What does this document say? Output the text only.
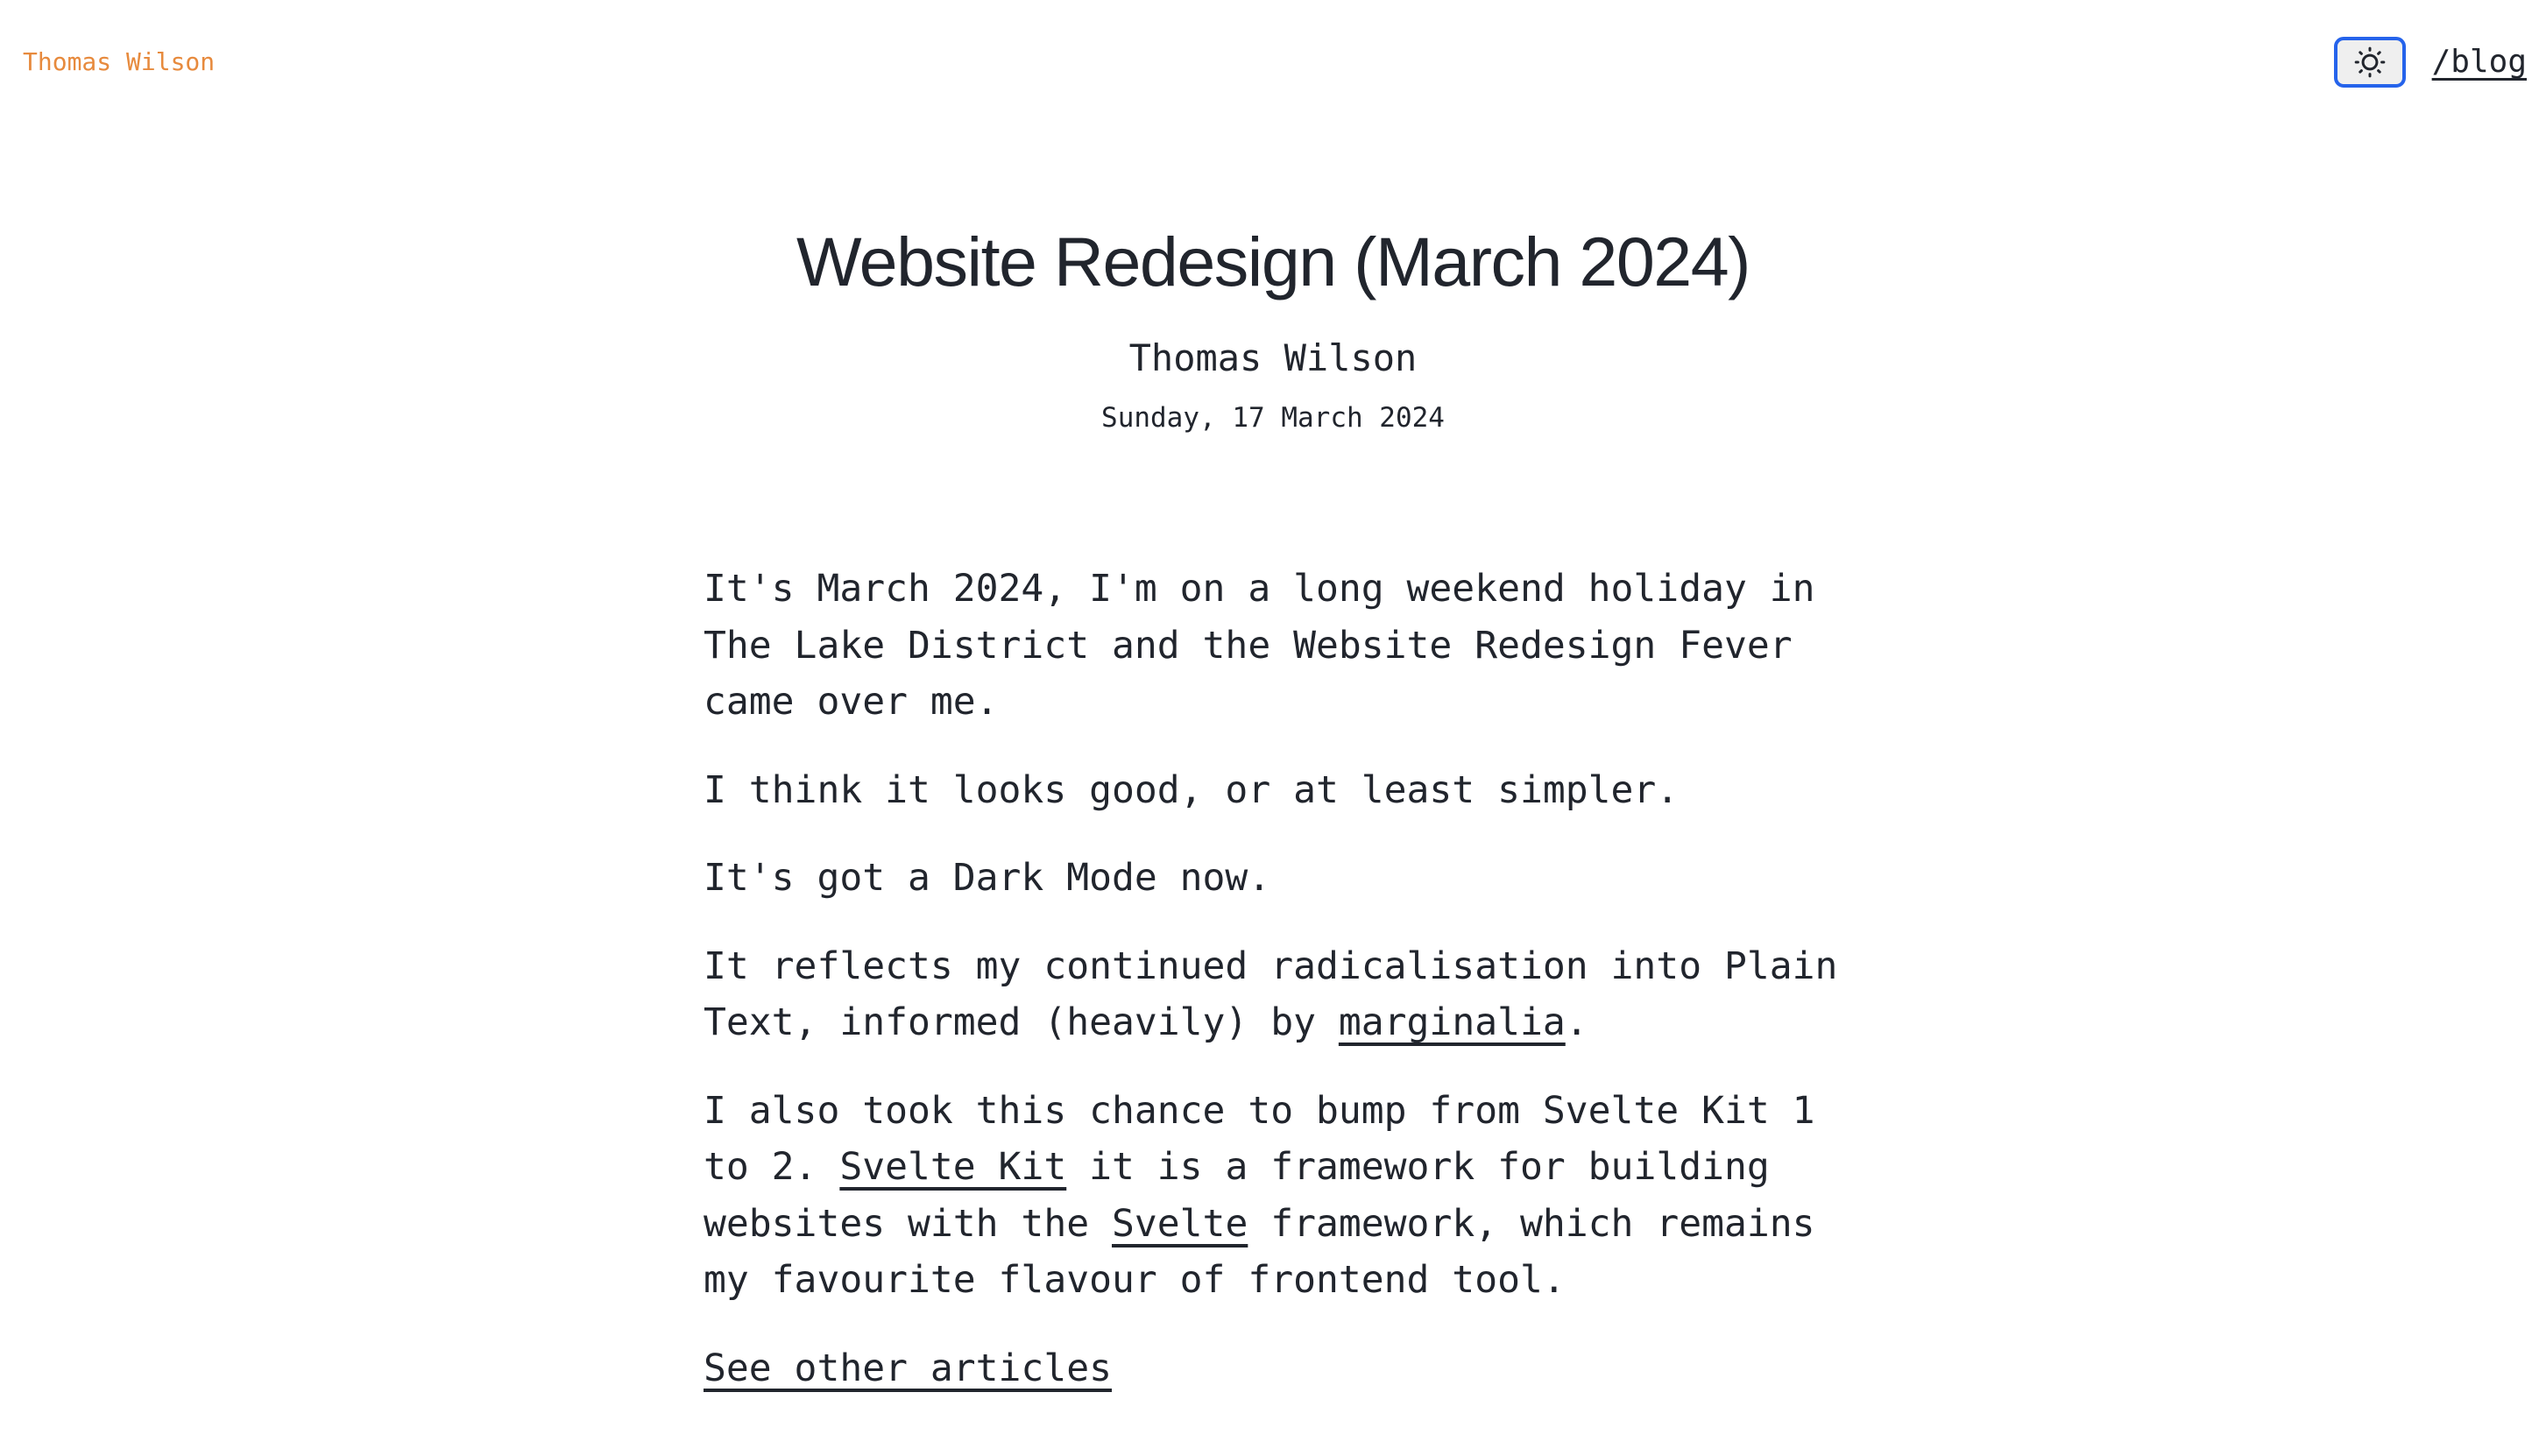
Thomas Wilson	/blog
Website Redesign (March 2024)

Thomas Wilson

Sunday, 17 March 2024

It's March 2024, I'm on a long weekend holiday in The Lake District and the Website Redesign Fever came over me.

I think it looks good, or at least simpler.

It's got a Dark Mode now.

It reflects my continued radicalisation into Plain Text, informed (heavily) by marginalia.

I also took this chance to bump from Svelte Kit 1 to 2. Svelte Kit it is a framework for building websites with the Svelte framework, which remains my favourite flavour of frontend tool.

See other articles
